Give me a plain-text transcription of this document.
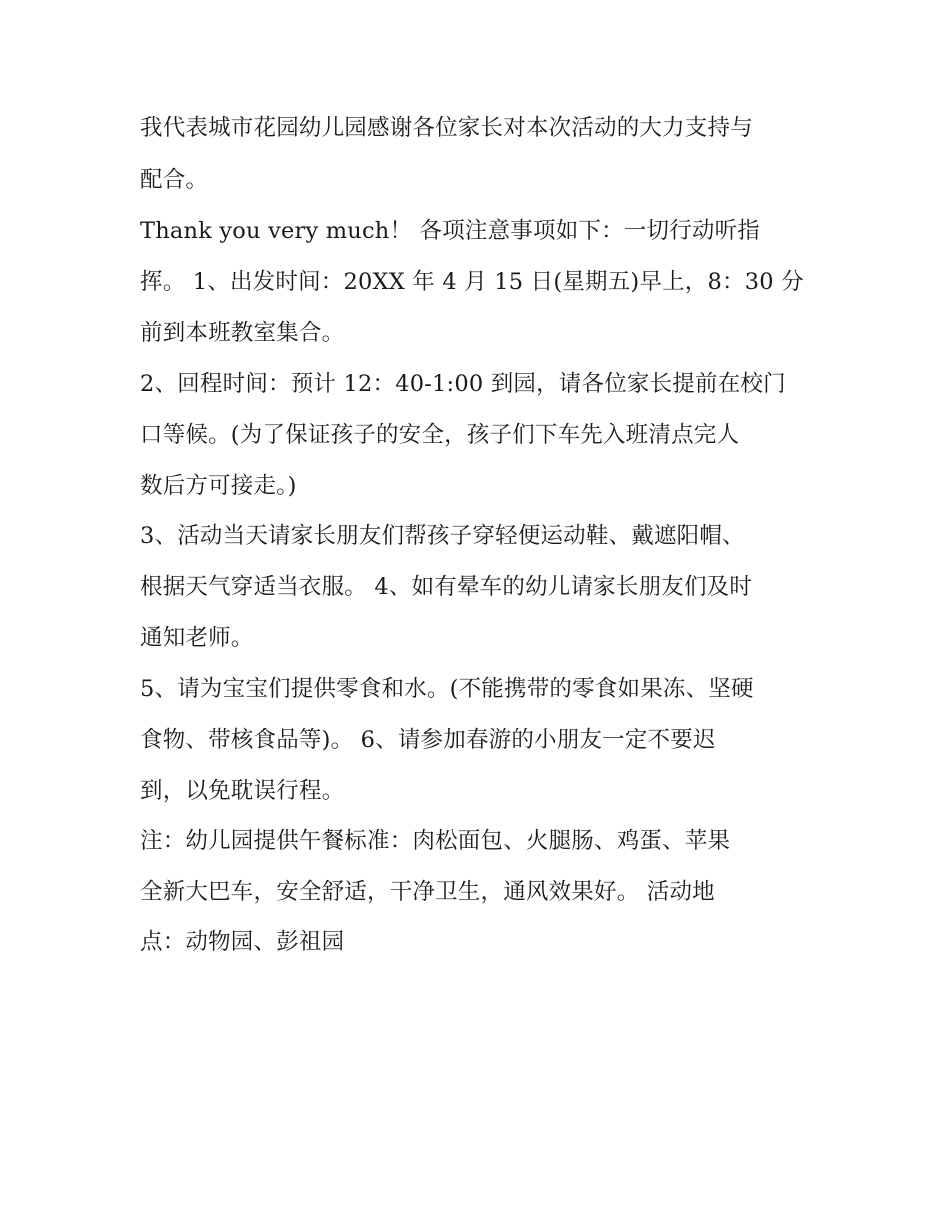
我代表城市花园幼儿园感谢各位家长对本次活动的大力支持与
配合。
Thank you very much！ 各项注意事项如下：一切行动听指
挥。 1、出发时间：20XX 年 4 月 15 日(星期五)早上，8：30 分
前到本班教室集合。
2、回程时间：预计 12：40-1:00 到园，请各位家长提前在校门
口等候。(为了保证孩子的安全，孩子们下车先入班清点完人
数后方可接走。)
3、活动当天请家长朋友们帮孩子穿轻便运动鞋、戴遮阳帽、
根据天气穿适当衣服。 4、如有晕车的幼儿请家长朋友们及时
通知老师。
5、请为宝宝们提供零食和水。(不能携带的零食如果冻、坚硬
食物、带核食品等)。 6、请参加春游的小朋友一定不要迟
到，以免耽误行程。
注：幼儿园提供午餐标准：肉松面包、火腿肠、鸡蛋、苹果
全新大巴车，安全舒适，干净卫生，通风效果好。 活动地
点：动物园、彭祖园
